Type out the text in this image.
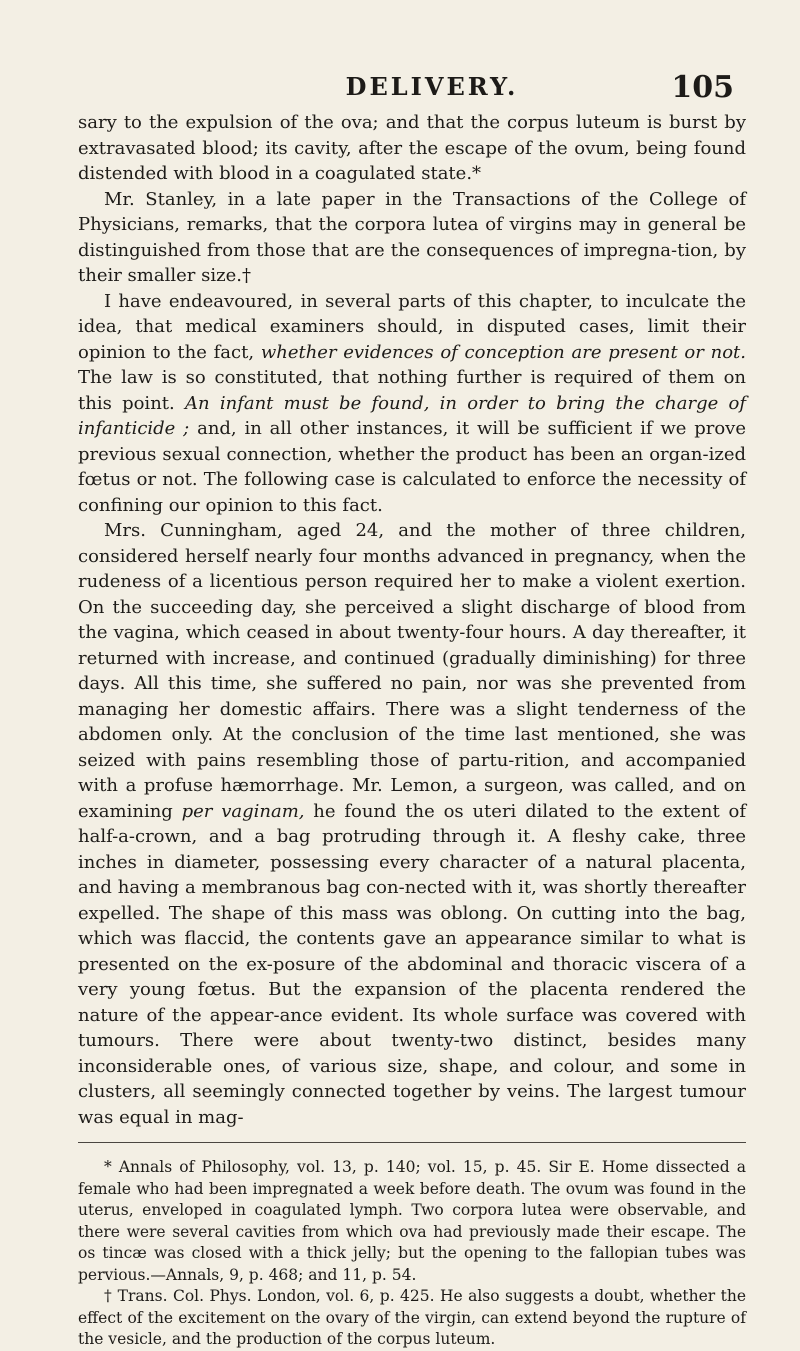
DELIVERY.	105

sary to the expulsion of the ova; and that the corpus luteum is burst by extravasated blood; its cavity, after the escape of the ovum, being found distended with blood in a coagulated state.*

Mr. Stanley, in a late paper in the Transactions of the College of Physicians, remarks, that the corpora lutea of virgins may in general be distinguished from those that are the consequences of impregna-tion, by their smaller size.†

I have endeavoured, in several parts of this chapter, to inculcate the idea, that medical examiners should, in disputed cases, limit their opinion to the fact, whether evidences of conception are present or not. The law is so constituted, that nothing further is required of them on this point. An infant must be found, in order to bring the charge of infanticide ; and, in all other instances, it will be sufficient if we prove previous sexual connection, whether the product has been an organ-ized fœtus or not. The following case is calculated to enforce the necessity of confining our opinion to this fact.

Mrs. Cunningham, aged 24, and the mother of three children, considered herself nearly four months advanced in pregnancy, when the rudeness of a licentious person required her to make a violent exertion. On the succeeding day, she perceived a slight discharge of blood from the vagina, which ceased in about twenty-four hours. A day thereafter, it returned with increase, and continued (gradually diminishing) for three days. All this time, she suffered no pain, nor was she prevented from managing her domestic affairs. There was a slight tenderness of the abdomen only. At the conclusion of the time last mentioned, she was seized with pains resembling those of partu-rition, and accompanied with a profuse hæmorrhage. Mr. Lemon, a surgeon, was called, and on examining per vaginam, he found the os uteri dilated to the extent of half-a-crown, and a bag protruding through it. A fleshy cake, three inches in diameter, possessing every character of a natural placenta, and having a membranous bag con-nected with it, was shortly thereafter expelled. The shape of this mass was oblong. On cutting into the bag, which was flaccid, the contents gave an appearance similar to what is presented on the ex-posure of the abdominal and thoracic viscera of a very young fœtus. But the expansion of the placenta rendered the nature of the appear-ance evident. Its whole surface was covered with tumours. There were about twenty-two distinct, besides many inconsiderable ones, of various size, shape, and colour, and some in clusters, all seemingly connected together by veins. The largest tumour was equal in mag-

* Annals of Philosophy, vol. 13, p. 140; vol. 15, p. 45. Sir E. Home dissected a female who had been impregnated a week before death. The ovum was found in the uterus, enveloped in coagulated lymph. Two corpora lutea were observable, and there were several cavities from which ova had previously made their escape. The os tincæ was closed with a thick jelly; but the opening to the fallopian tubes was pervious.—Annals, 9, p. 468; and 11, p. 54.

† Trans. Col. Phys. London, vol. 6, p. 425. He also suggests a doubt, whether the effect of the excitement on the ovary of the virgin, can extend beyond the rupture of the vesicle, and the production of the corpus luteum.
